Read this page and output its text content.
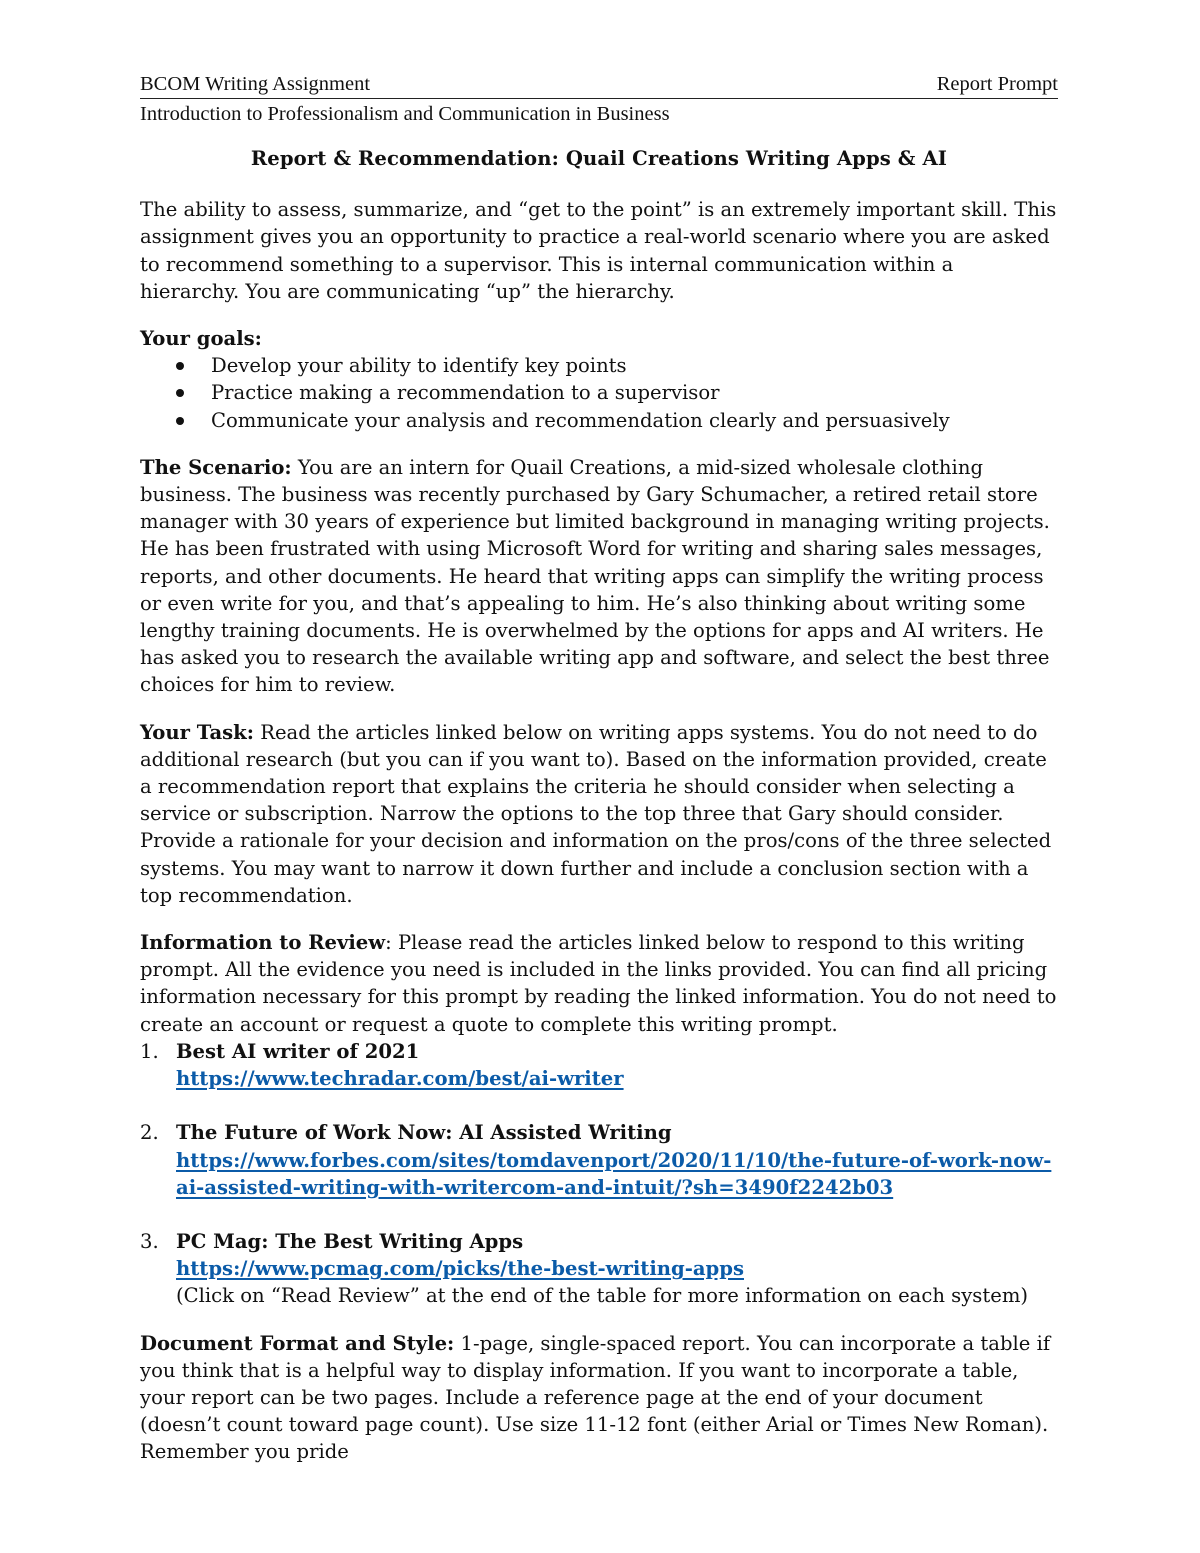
BCOM Writing Assignment	Report Prompt
Introduction to Professionalism and Communication in Business
Report & Recommendation: Quail Creations Writing Apps & AI

The ability to assess, summarize, and “get to the point” is an extremely important skill. This assignment gives you an opportunity to practice a real-world scenario where you are asked to recommend something to a supervisor. This is internal communication within a hierarchy. You are communicating “up” the hierarchy.

Your goals:
Develop your ability to identify key points
Practice making a recommendation to a supervisor
Communicate your analysis and recommendation clearly and persuasively

The Scenario: You are an intern for Quail Creations, a mid-sized wholesale clothing business. The business was recently purchased by Gary Schumacher, a retired retail store manager with 30 years of experience but limited background in managing writing projects. He has been frustrated with using Microsoft Word for writing and sharing sales messages, reports, and other documents. He heard that writing apps can simplify the writing process or even write for you, and that’s appealing to him. He’s also thinking about writing some lengthy training documents. He is overwhelmed by the options for apps and AI writers. He has asked you to research the available writing app and software, and select the best three choices for him to review.

Your Task: Read the articles linked below on writing apps systems. You do not need to do additional research (but you can if you want to). Based on the information provided, create a recommendation report that explains the criteria he should consider when selecting a service or subscription. Narrow the options to the top three that Gary should consider. Provide a rationale for your decision and information on the pros/cons of the three selected systems. You may want to narrow it down further and include a conclusion section with a top recommendation.

Information to Review: Please read the articles linked below to respond to this writing prompt. All the evidence you need is included in the links provided. You can find all pricing information necessary for this prompt by reading the linked information. You do not need to create an account or request a quote to complete this writing prompt.

1. Best AI writer of 2021
https://www.techradar.com/best/ai-writer
2. The Future of Work Now: AI Assisted Writing
https://www.forbes.com/sites/tomdavenport/2020/11/10/the-future-of-work-now-ai-assisted-writing-with-writercom-and-intuit/?sh=3490f2242b03
3. PC Mag: The Best Writing Apps
https://www.pcmag.com/picks/the-best-writing-apps
(Click on “Read Review” at the end of the table for more information on each system)

Document Format and Style: 1-page, single-spaced report. You can incorporate a table if you think that is a helpful way to display information. If you want to incorporate a table, your report can be two pages. Include a reference page at the end of your document (doesn’t count toward page count). Use size 11-12 font (either Arial or Times New Roman). Remember you pride
